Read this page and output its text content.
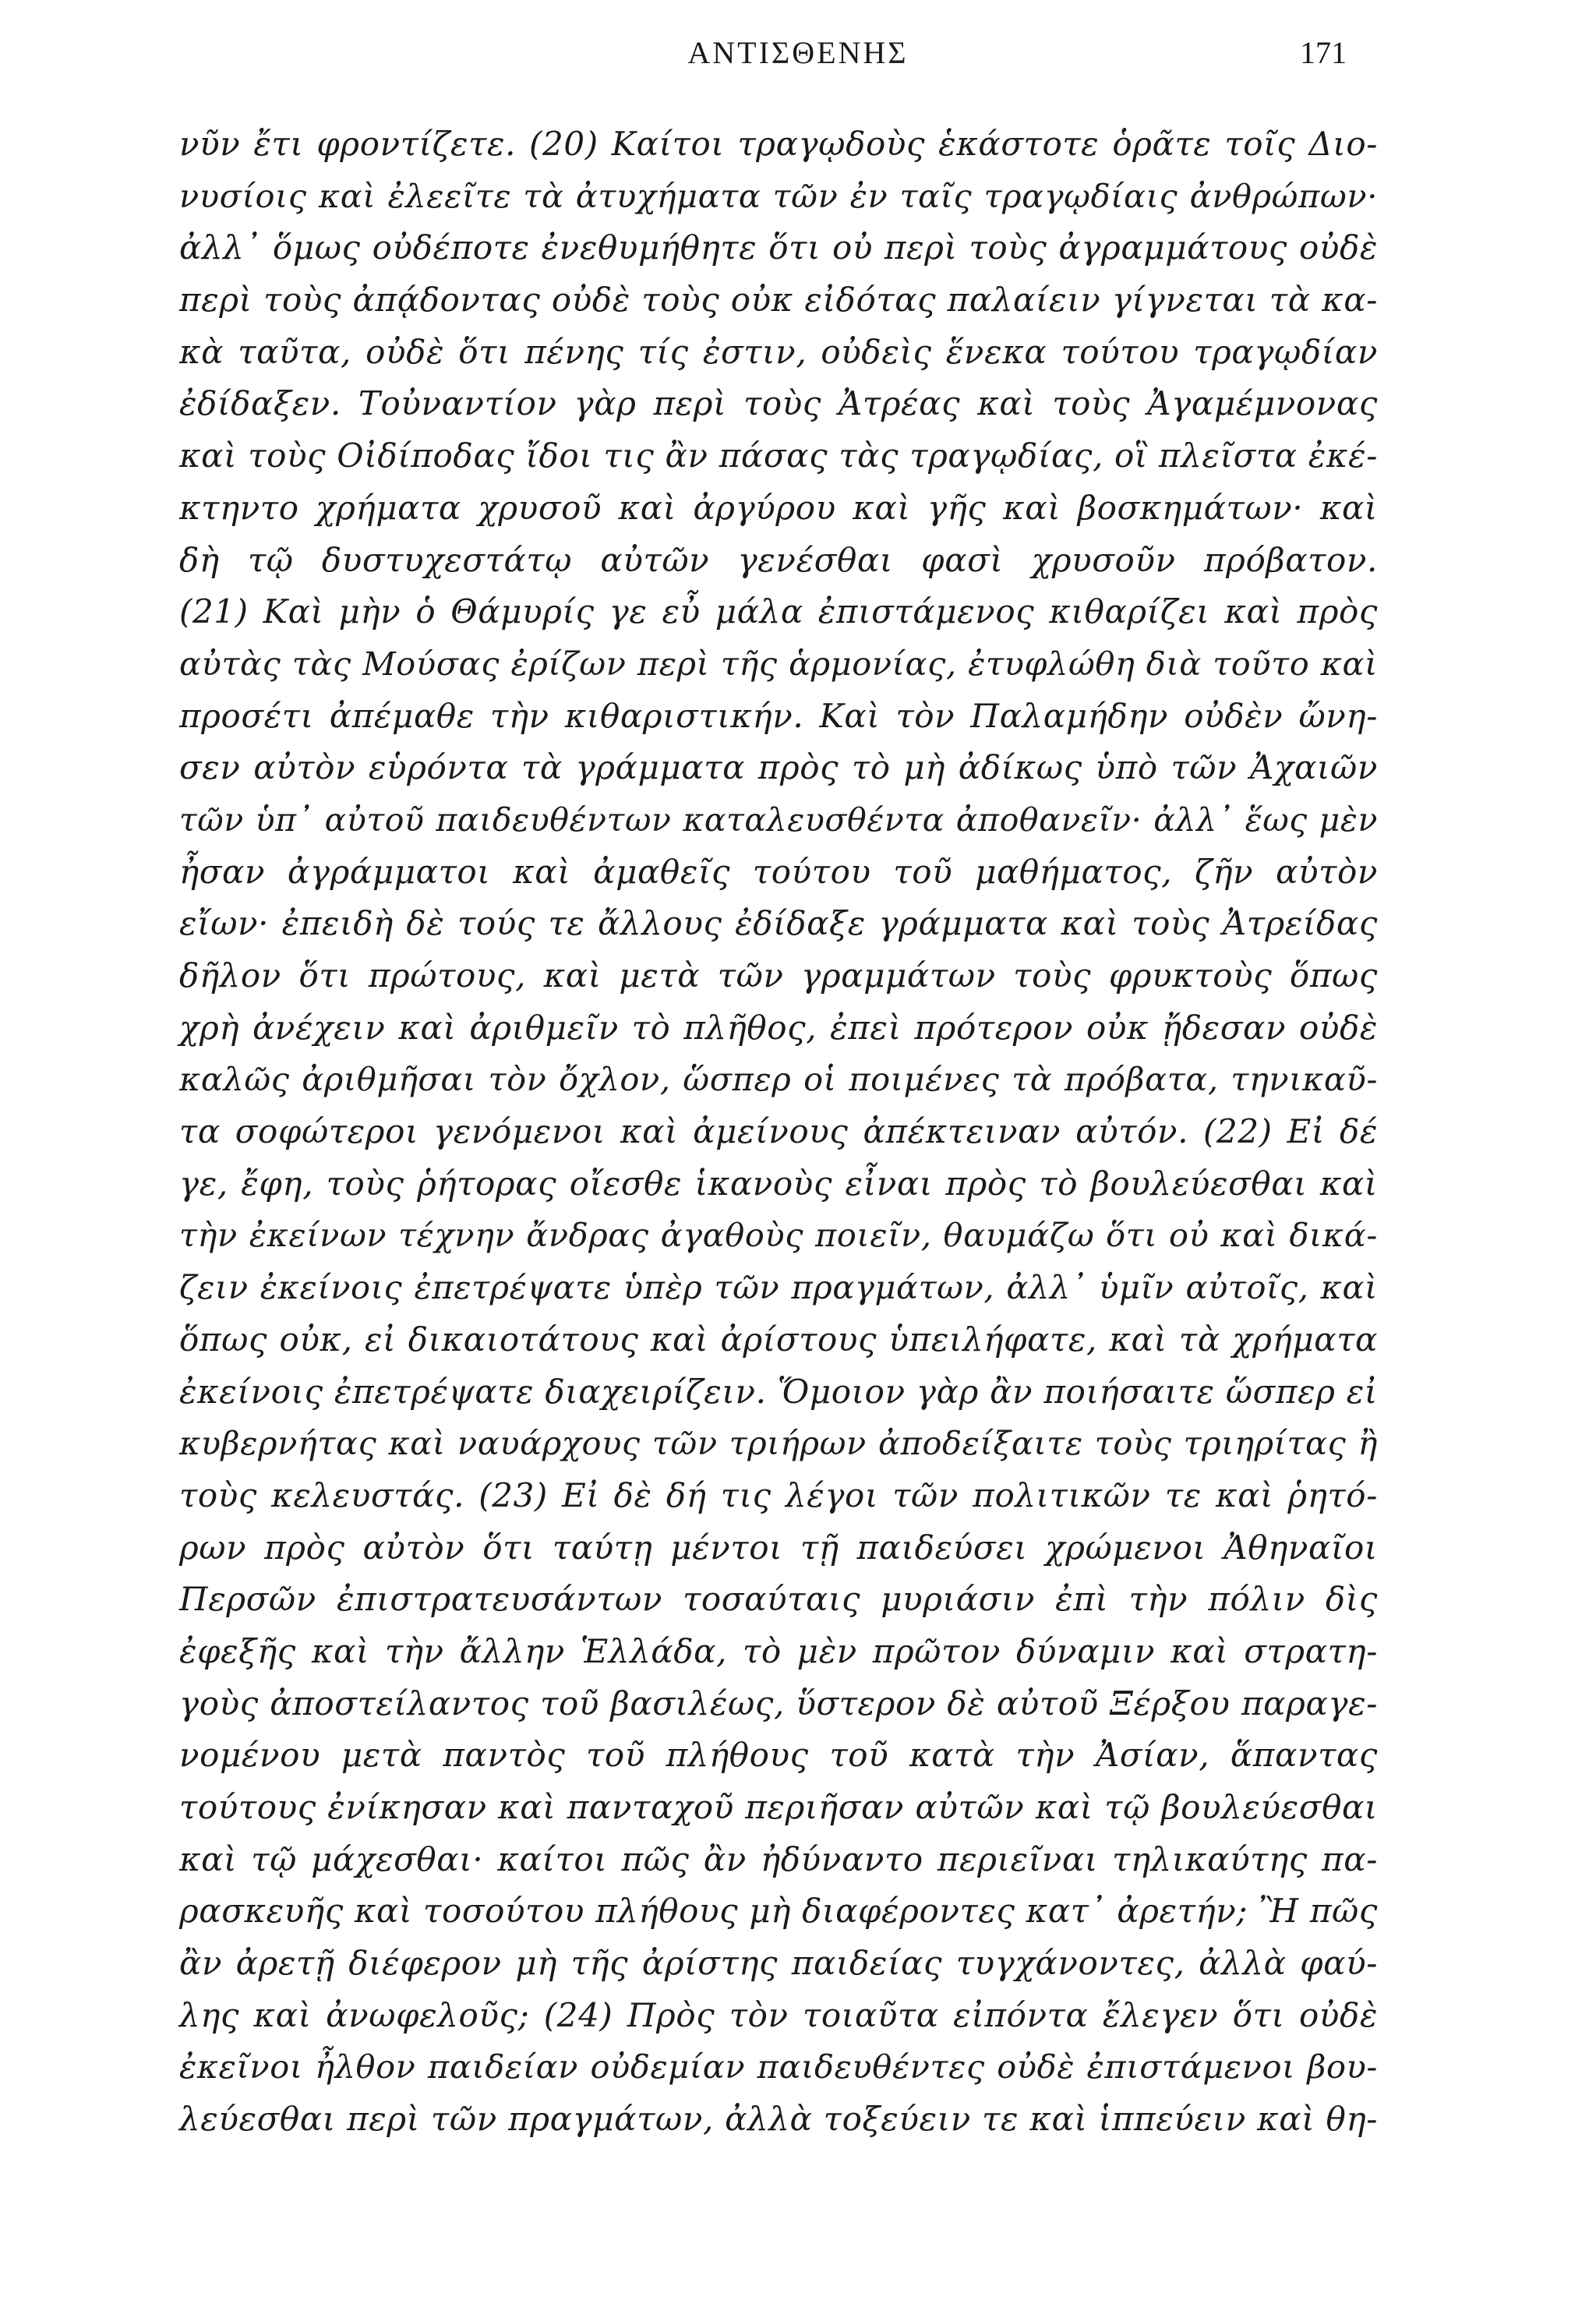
ΑΝΤΙΣΘΕΝΗΣ	171
νῦν ἔτι φροντίζετε. (20) Καίτοι τραγῳδοὺς ἑκάστοτε ὁρᾶτε τοῖς Διο-
νυσίοις καὶ ἐλεεῖτε τὰ ἀτυχήματα τῶν ἐν ταῖς τραγῳδίαις ἀνθρώπων·
ἀλλ᾽ ὅμως οὐδέποτε ἐνεθυμήθητε ὅτι οὐ περὶ τοὺς ἀγραμμάτους οὐδὲ
περὶ τοὺς ἀπᾴδοντας οὐδὲ τοὺς οὐκ εἰδότας παλαίειν γίγνεται τὰ κα-
κὰ ταῦτα, οὐδὲ ὅτι πένης τίς ἐστιν, οὐδεὶς ἕνεκα τούτου τραγῳδίαν
ἐδίδαξεν. Τοὐναντίον γὰρ περὶ τοὺς Ἀτρέας καὶ τοὺς Ἀγαμέμνονας
καὶ τοὺς Οἰδίποδας ἴδοι τις ἂν πάσας τὰς τραγῳδίας, οἳ πλεῖστα ἐκέ-
κτηντο χρήματα χρυσοῦ καὶ ἀργύρου καὶ γῆς καὶ βοσκημάτων· καὶ
δὴ τῷ δυστυχεστάτῳ αὐτῶν γενέσθαι φασὶ χρυσοῦν πρόβατον.
(21) Καὶ μὴν ὁ Θάμυρίς γε εὖ μάλα ἐπιστάμενος κιθαρίζει καὶ πρὸς
αὐτὰς τὰς Μούσας ἐρίζων περὶ τῆς ἁρμονίας, ἐτυφλώθη διὰ τοῦτο καὶ
προσέτι ἀπέμαθε τὴν κιθαριστικήν. Καὶ τὸν Παλαμήδην οὐδὲν ὤνη-
σεν αὐτὸν εὑρόντα τὰ γράμματα πρὸς τὸ μὴ ἀδίκως ὑπὸ τῶν Ἀχαιῶν
τῶν ὑπ᾽ αὐτοῦ παιδευθέντων καταλευσθέντα ἀποθανεῖν· ἀλλ᾽ ἕως μὲν
ἦσαν ἀγράμματοι καὶ ἀμαθεῖς τούτου τοῦ μαθήματος, ζῆν αὐτὸν
εἴων· ἐπειδὴ δὲ τούς τε ἄλλους ἐδίδαξε γράμματα καὶ τοὺς Ἀτρείδας
δῆλον ὅτι πρώτους, καὶ μετὰ τῶν γραμμάτων τοὺς φρυκτοὺς ὅπως
χρὴ ἀνέχειν καὶ ἀριθμεῖν τὸ πλῆθος, ἐπεὶ πρότερον οὐκ ᾔδεσαν οὐδὲ
καλῶς ἀριθμῆσαι τὸν ὄχλον, ὥσπερ οἱ ποιμένες τὰ πρόβατα, τηνικαῦ-
τα σοφώτεροι γενόμενοι καὶ ἀμείνους ἀπέκτειναν αὐτόν. (22) Εἰ δέ
γε, ἔφη, τοὺς ῥήτορας οἴεσθε ἱκανοὺς εἶναι πρὸς τὸ βουλεύεσθαι καὶ
τὴν ἐκείνων τέχνην ἄνδρας ἀγαθοὺς ποιεῖν, θαυμάζω ὅτι οὐ καὶ δικά-
ζειν ἐκείνοις ἐπετρέψατε ὑπὲρ τῶν πραγμάτων, ἀλλ᾽ ὑμῖν αὐτοῖς, καὶ
ὅπως οὐκ, εἰ δικαιοτάτους καὶ ἀρίστους ὑπειλήφατε, καὶ τὰ χρήματα
ἐκείνοις ἐπετρέψατε διαχειρίζειν. Ὅμοιον γὰρ ἂν ποιήσαιτε ὥσπερ εἰ
κυβερνήτας καὶ ναυάρχους τῶν τριήρων ἀποδείξαιτε τοὺς τριηρίτας ἢ
τοὺς κελευστάς. (23) Εἰ δὲ δή τις λέγοι τῶν πολιτικῶν τε καὶ ῥητό-
ρων πρὸς αὐτὸν ὅτι ταύτῃ μέντοι τῇ παιδεύσει χρώμενοι Ἀθηναῖοι
Περσῶν ἐπιστρατευσάντων τοσαύταις μυριάσιν ἐπὶ τὴν πόλιν δὶς
ἐφεξῆς καὶ τὴν ἄλλην Ἑλλάδα, τὸ μὲν πρῶτον δύναμιν καὶ στρατη-
γοὺς ἀποστείλαντος τοῦ βασιλέως, ὕστερον δὲ αὐτοῦ Ξέρξου παραγε-
νομένου μετὰ παντὸς τοῦ πλήθους τοῦ κατὰ τὴν Ἀσίαν, ἅπαντας
τούτους ἐνίκησαν καὶ πανταχοῦ περιῆσαν αὐτῶν καὶ τῷ βουλεύεσθαι
καὶ τῷ μάχεσθαι· καίτοι πῶς ἂν ἠδύναντο περιεῖναι τηλικαύτης πα-
ρασκευῆς καὶ τοσούτου πλήθους μὴ διαφέροντες κατ᾽ ἀρετήν; Ἢ πῶς
ἂν ἀρετῇ διέφερον μὴ τῆς ἀρίστης παιδείας τυγχάνοντες, ἀλλὰ φαύ-
λης καὶ ἀνωφελοῦς; (24) Πρὸς τὸν τοιαῦτα εἰπόντα ἔλεγεν ὅτι οὐδὲ
ἐκεῖνοι ἦλθον παιδείαν οὐδεμίαν παιδευθέντες οὐδὲ ἐπιστάμενοι βου-
λεύεσθαι περὶ τῶν πραγμάτων, ἀλλὰ τοξεύειν τε καὶ ἱππεύειν καὶ θη-
